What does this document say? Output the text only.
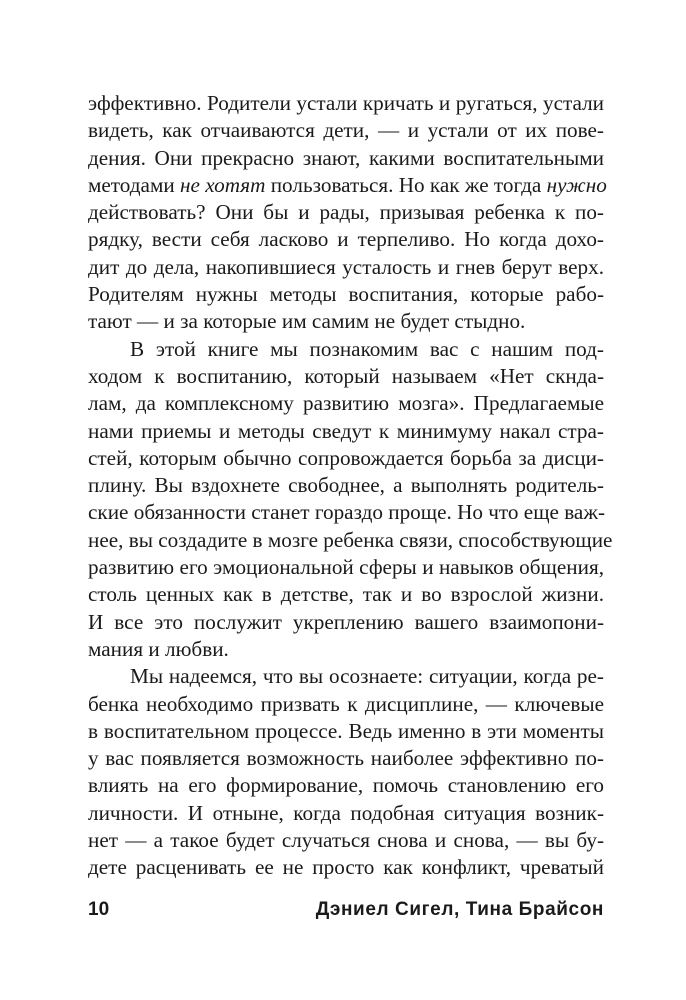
эффективно. Родители устали кричать и ругаться, устали
видеть, как отчаиваются дети, — и устали от их пове-
дения. Они прекрасно знают, какими воспитательными
методами не хотят пользоваться. Но как же тогда нужно
действовать? Они бы и рады, призывая ребенка к по-
рядку, вести себя ласково и терпеливо. Но когда дохо-
дит до дела, накопившиеся усталость и гнев берут верх.
Родителям нужны методы воспитания, которые рабо-
тают — и за которые им самим не будет стыдно.
В этой книге мы познакомим вас с нашим под-
ходом к воспитанию, который называем «Нет скнда-
лам, да комплексному развитию мозга». Предлагаемые
нами приемы и методы сведут к минимуму накал стра-
стей, которым обычно сопровождается борьба за дисци-
плину. Вы вздохнете свободнее, а выполнять родитель-
ские обязанности станет гораздо проще. Но что еще важ-
нее, вы создадите в мозге ребенка связи, способствующие
развитию его эмоциональной сферы и навыков общения,
столь ценных как в детстве, так и во взрослой жизни.
И все это послужит укреплению вашего взаимопони-
мания и любви.
Мы надеемся, что вы осознаете: ситуации, когда ре-
бенка необходимо призвать к дисциплине, — ключевые
в воспитательном процессе. Ведь именно в эти моменты
у вас появляется возможность наиболее эффективно по-
влиять на его формирование, помочь становлению его
личности. И отныне, когда подобная ситуация возник-
нет — а такое будет случаться снова и снова, — вы бу-
дете расценивать ее не просто как конфликт, чреватый
10	Дэниел Сигел, Тина Брайсон
